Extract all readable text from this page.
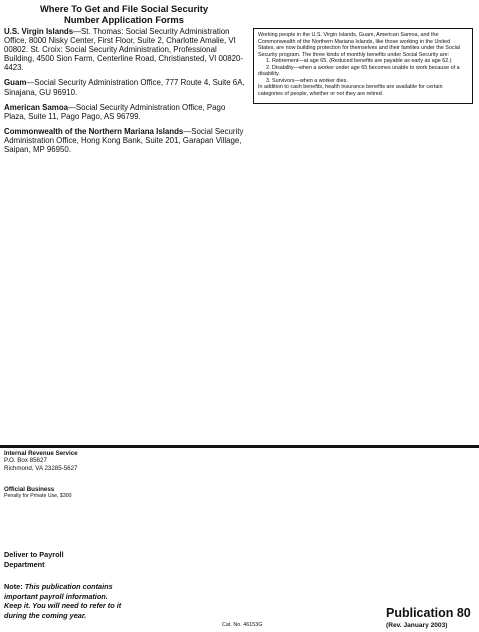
Where To Get and File Social Security
Number Application Forms

U.S. Virgin Islands—St. Thomas: Social Security Administration Office, 8000 Nisky Center, First Floor, Suite 2, Charlotte Amalie, VI 00802. St. Croix: Social Security Administration, Professional Building, 4500 Sion Farm, Centerline Road, Christiansted, VI 00820-4423.

Guam—Social Security Administration Office, 777 Route 4, Suite 6A, Sinajana, GU 96910.

American Samoa—Social Security Administration Office, Pago Plaza, Suite 11, Pago Pago, AS 96799.

Commonwealth of the Northern Mariana Islands—Social Security Administration Office, Hong Kong Bank, Suite 201, Garapan Village, Saipan, MP 96950.

Working people in the U.S. Virgin Islands, Guam, American Samoa, and the Commonwealth of the Northern Mariana Islands, like those working in the United States, are now building protection for themselves and their families under the Social Security program. The three kinds of monthly benefits under Social Security are:

1. Retirement—at age 65. (Reduced benefits are payable as early as age 62.)
2. Disability—when a worker under age 65 becomes unable to work because of a disability.
3. Survivors—when a worker dies.

In addition to cash benefits, health insurance benefits are available for certain categories of people, whether or not they are retired.

Internal Revenue Service
P.O. Box 85627
Richmond, VA 23285-5627
Official Business
Penalty for Private Use, $300
Deliver to Payroll
Department
Note: This publication contains important payroll information. Keep it. You will need to refer to it during the coming year.
Cat. No. 46153G
Publication 80
(Rev. January 2003)
